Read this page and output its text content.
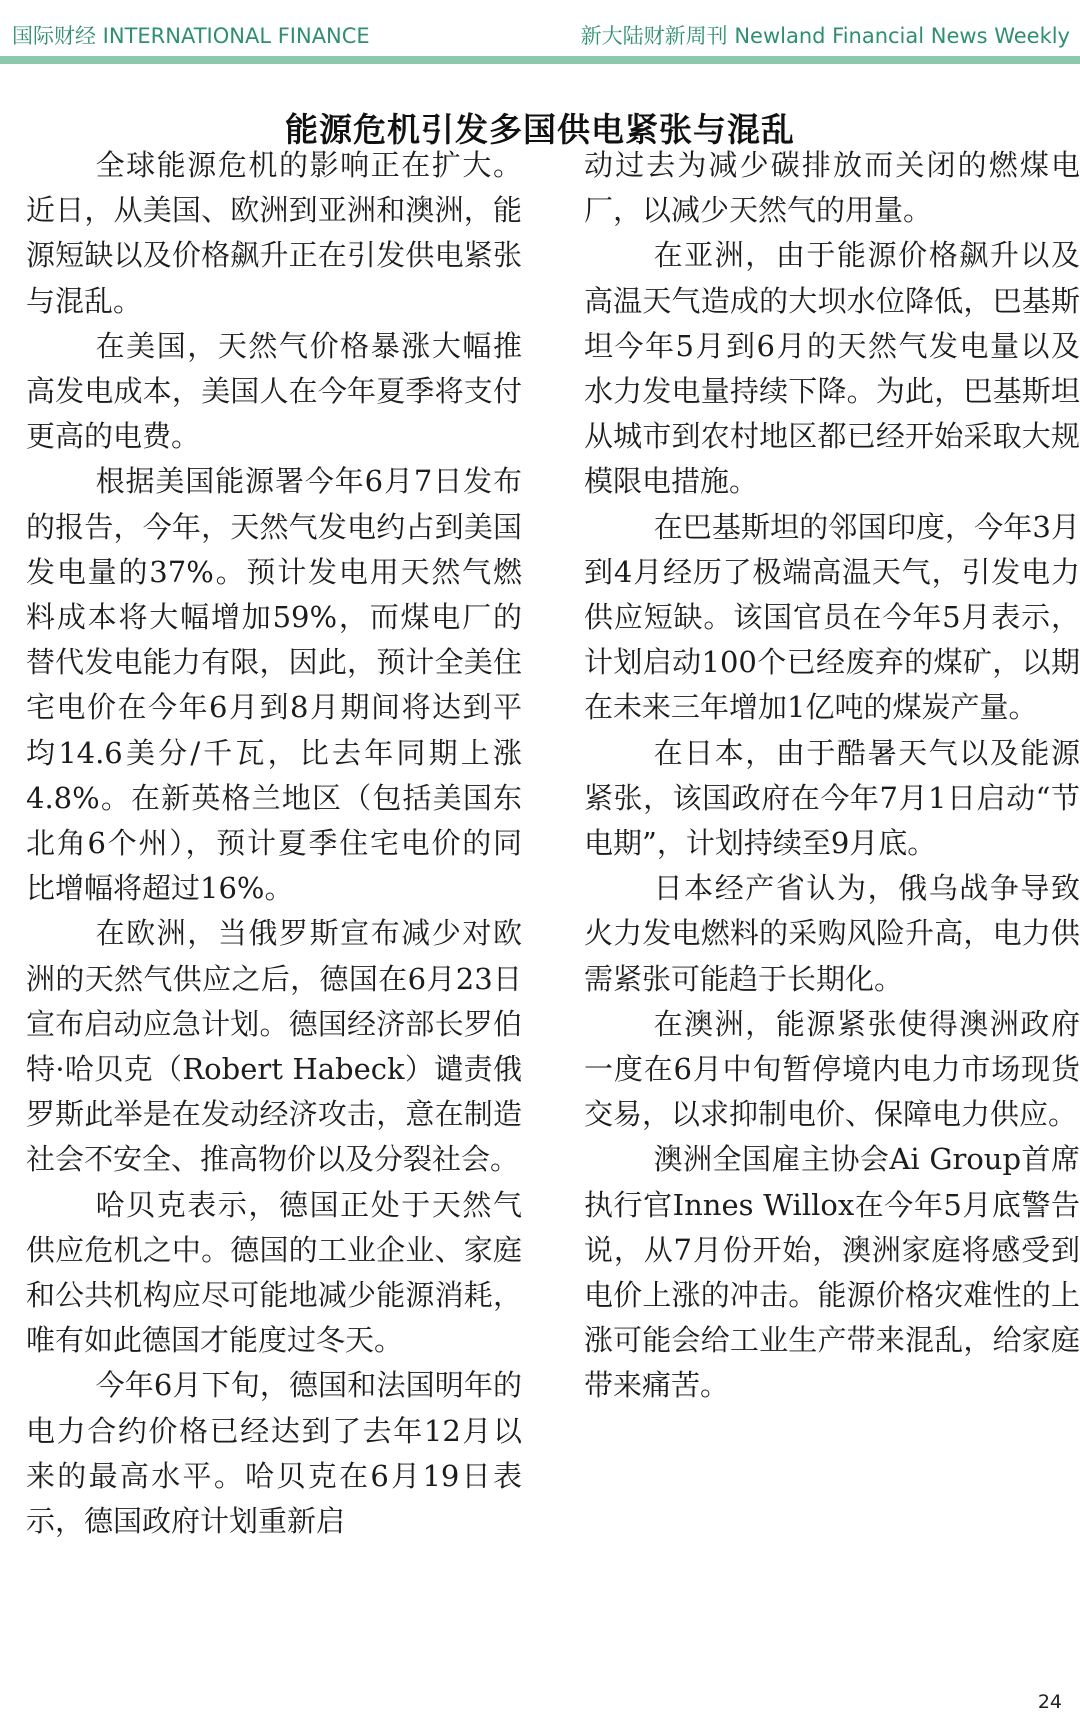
国际财经 INTERNATIONAL FINANCE	新大陆财新周刊 Newland Financial News Weekly
能源危机引发多国供电紧张与混乱

全球能源危机的影响正在扩大。近日，从美国、欧洲到亚洲和澳洲，能源短缺以及价格飙升正在引发供电紧张与混乱。

在美国，天然气价格暴涨大幅推高发电成本，美国人在今年夏季将支付更高的电费。

根据美国能源署今年6月7日发布的报告，今年，天然气发电约占到美国发电量的37%。预计发电用天然气燃料成本将大幅增加59%，而煤电厂的替代发电能力有限，因此，预计全美住宅电价在今年6月到8月期间将达到平均14.6美分/千瓦，比去年同期上涨4.8%。在新英格兰地区（包括美国东北角6个州），预计夏季住宅电价的同比增幅将超过16%。

在欧洲，当俄罗斯宣布减少对欧洲的天然气供应之后，德国在6月23日宣布启动应急计划。德国经济部长罗伯特·哈贝克（Robert Habeck）谴责俄罗斯此举是在发动经济攻击，意在制造社会不安全、推高物价以及分裂社会。

哈贝克表示，德国正处于天然气供应危机之中。德国的工业企业、家庭和公共机构应尽可能地减少能源消耗，唯有如此德国才能度过冬天。

今年6月下旬，德国和法国明年的电力合约价格已经达到了去年12月以来的最高水平。哈贝克在6月19日表示，德国政府计划重新启

动过去为减少碳排放而关闭的燃煤电厂，以减少天然气的用量。

在亚洲，由于能源价格飙升以及高温天气造成的大坝水位降低，巴基斯坦今年5月到6月的天然气发电量以及水力发电量持续下降。为此，巴基斯坦从城市到农村地区都已经开始采取大规模限电措施。

在巴基斯坦的邻国印度，今年3月到4月经历了极端高温天气，引发电力供应短缺。该国官员在今年5月表示，计划启动100个已经废弃的煤矿，以期在未来三年增加1亿吨的煤炭产量。

在日本，由于酷暑天气以及能源紧张，该国政府在今年7月1日启动“节电期”，计划持续至9月底。

日本经产省认为，俄乌战争导致火力发电燃料的采购风险升高，电力供需紧张可能趋于长期化。

在澳洲，能源紧张使得澳洲政府一度在6月中旬暂停境内电力市场现货交易，以求抑制电价、保障电力供应。

澳洲全国雇主协会Ai Group首席执行官Innes Willox在今年5月底警告说，从7月份开始，澳洲家庭将感受到电价上涨的冲击。能源价格灾难性的上涨可能会给工业生产带来混乱，给家庭带来痛苦。

24
